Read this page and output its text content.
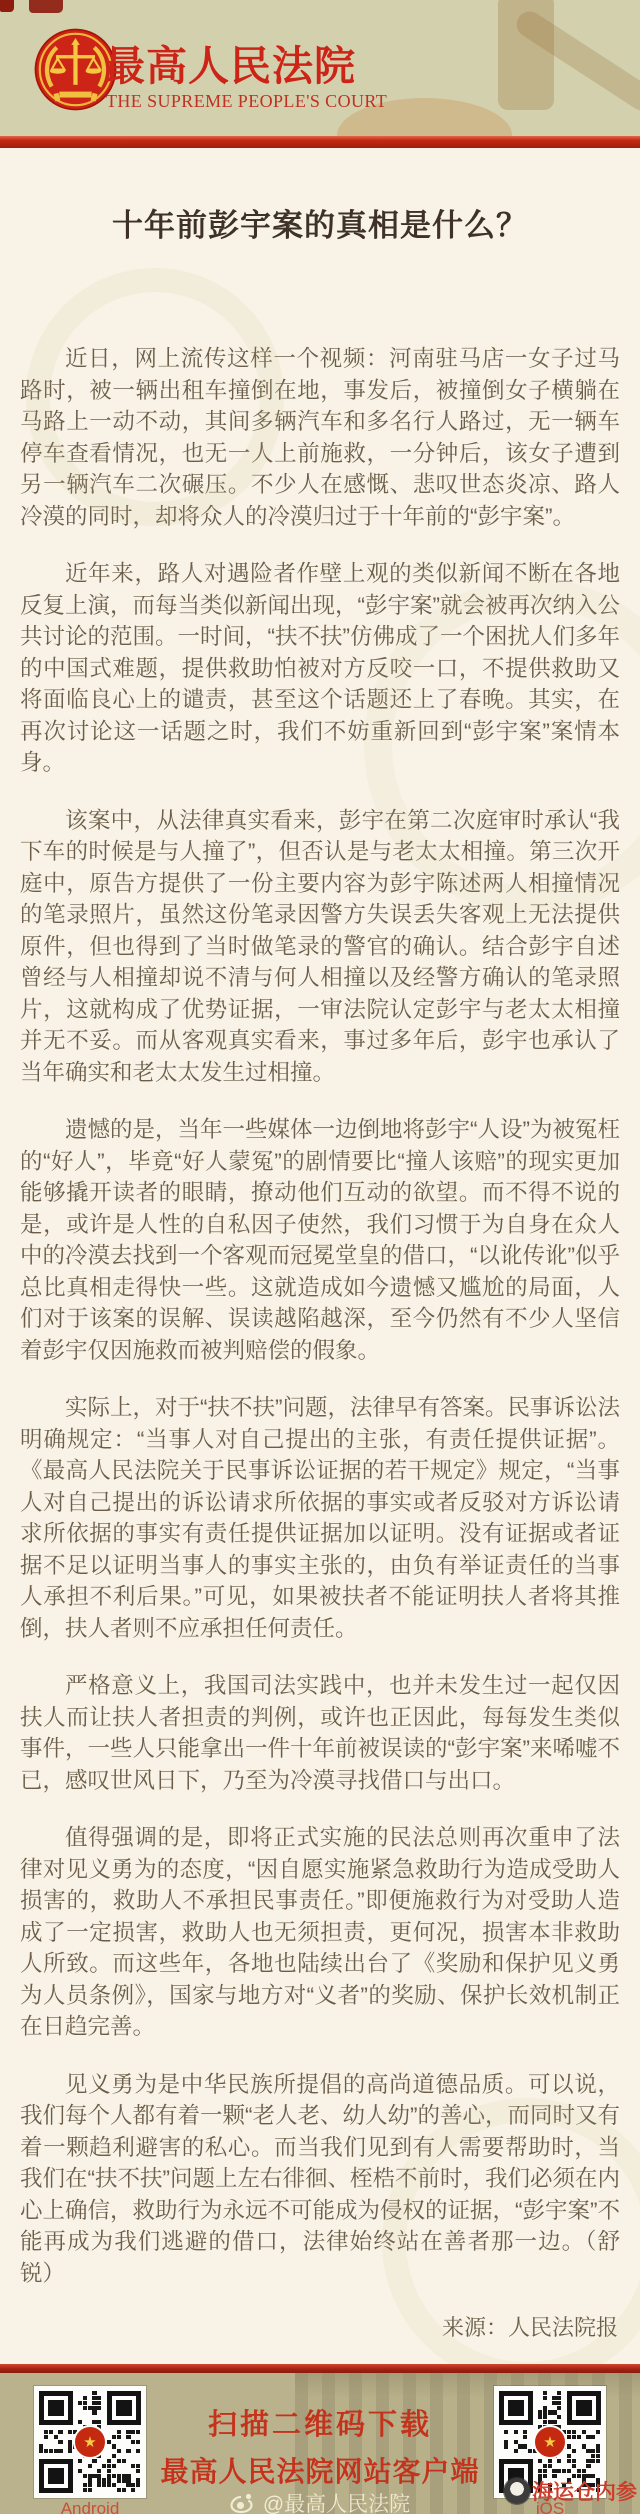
最高人民法院
THE SUPREME PEOPLE'S COURT
十年前彭宇案的真相是什么？

近日，网上流传这样一个视频：河南驻马店一女子过马路时，被一辆出租车撞倒在地，事发后，被撞倒女子横躺在马路上一动不动，其间多辆汽车和多名行人路过，无一辆车停车查看情况，也无一人上前施救，一分钟后，该女子遭到另一辆汽车二次碾压。不少人在感慨、悲叹世态炎凉、路人冷漠的同时，却将众人的冷漠归过于十年前的“彭宇案”。

近年来，路人对遇险者作壁上观的类似新闻不断在各地反复上演，而每当类似新闻出现，“彭宇案”就会被再次纳入公共讨论的范围。一时间，“扶不扶”仿佛成了一个困扰人们多年的中国式难题，提供救助怕被对方反咬一口，不提供救助又将面临良心上的谴责，甚至这个话题还上了春晚。其实，在再次讨论这一话题之时，我们不妨重新回到“彭宇案”案情本身。

该案中，从法律真实看来，彭宇在第二次庭审时承认“我下车的时候是与人撞了”，但否认是与老太太相撞。第三次开庭中，原告方提供了一份主要内容为彭宇陈述两人相撞情况的笔录照片，虽然这份笔录因警方失误丢失客观上无法提供原件，但也得到了当时做笔录的警官的确认。结合彭宇自述曾经与人相撞却说不清与何人相撞以及经警方确认的笔录照片，这就构成了优势证据，一审法院认定彭宇与老太太相撞并无不妥。而从客观真实看来，事过多年后，彭宇也承认了当年确实和老太太发生过相撞。

遗憾的是，当年一些媒体一边倒地将彭宇“人设”为被冤枉的“好人”，毕竟“好人蒙冤”的剧情要比“撞人该赔”的现实更加能够撬开读者的眼睛，撩动他们互动的欲望。而不得不说的是，或许是人性的自私因子使然，我们习惯于为自身在众人中的冷漠去找到一个客观而冠冕堂皇的借口，“以讹传讹”似乎总比真相走得快一些。这就造成如今遗憾又尴尬的局面，人们对于该案的误解、误读越陷越深，至今仍然有不少人坚信着彭宇仅因施救而被判赔偿的假象。

实际上，对于“扶不扶”问题，法律早有答案。民事诉讼法明确规定：“当事人对自己提出的主张，有责任提供证据”。《最高人民法院关于民事诉讼证据的若干规定》规定，“当事人对自己提出的诉讼请求所依据的事实或者反驳对方诉讼请求所依据的事实有责任提供证据加以证明。没有证据或者证据不足以证明当事人的事实主张的，由负有举证责任的当事人承担不利后果。”可见，如果被扶者不能证明扶人者将其推倒，扶人者则不应承担任何责任。

严格意义上，我国司法实践中，也并未发生过一起仅因扶人而让扶人者担责的判例，或许也正因此，每每发生类似事件，一些人只能拿出一件十年前被误读的“彭宇案”来唏嘘不已，感叹世风日下，乃至为冷漠寻找借口与出口。

值得强调的是，即将正式实施的民法总则再次重申了法律对见义勇为的态度，“因自愿实施紧急救助行为造成受助人损害的，救助人不承担民事责任。”即便施救行为对受助人造成了一定损害，救助人也无须担责，更何况，损害本非救助人所致。而这些年，各地也陆续出台了《奖励和保护见义勇为人员条例》，国家与地方对“义者”的奖励、保护长效机制正在日趋完善。

见义勇为是中华民族所提倡的高尚道德品质。可以说，我们每个人都有着一颗“老人老、幼人幼”的善心，而同时又有着一颗趋利避害的私心。而当我们见到有人需要帮助时，当我们在“扶不扶”问题上左右徘徊、桎梏不前时，我们必须在内心上确信，救助行为永远不可能成为侵权的证据，“彭宇案”不能再成为我们逃避的借口，法律始终站在善者那一边。（舒锐）

来源：人民法院报
★	★
扫描二维码下载
最高人民法院网站客户端
@最高人民法院
Android	iOS
海运仓内参
